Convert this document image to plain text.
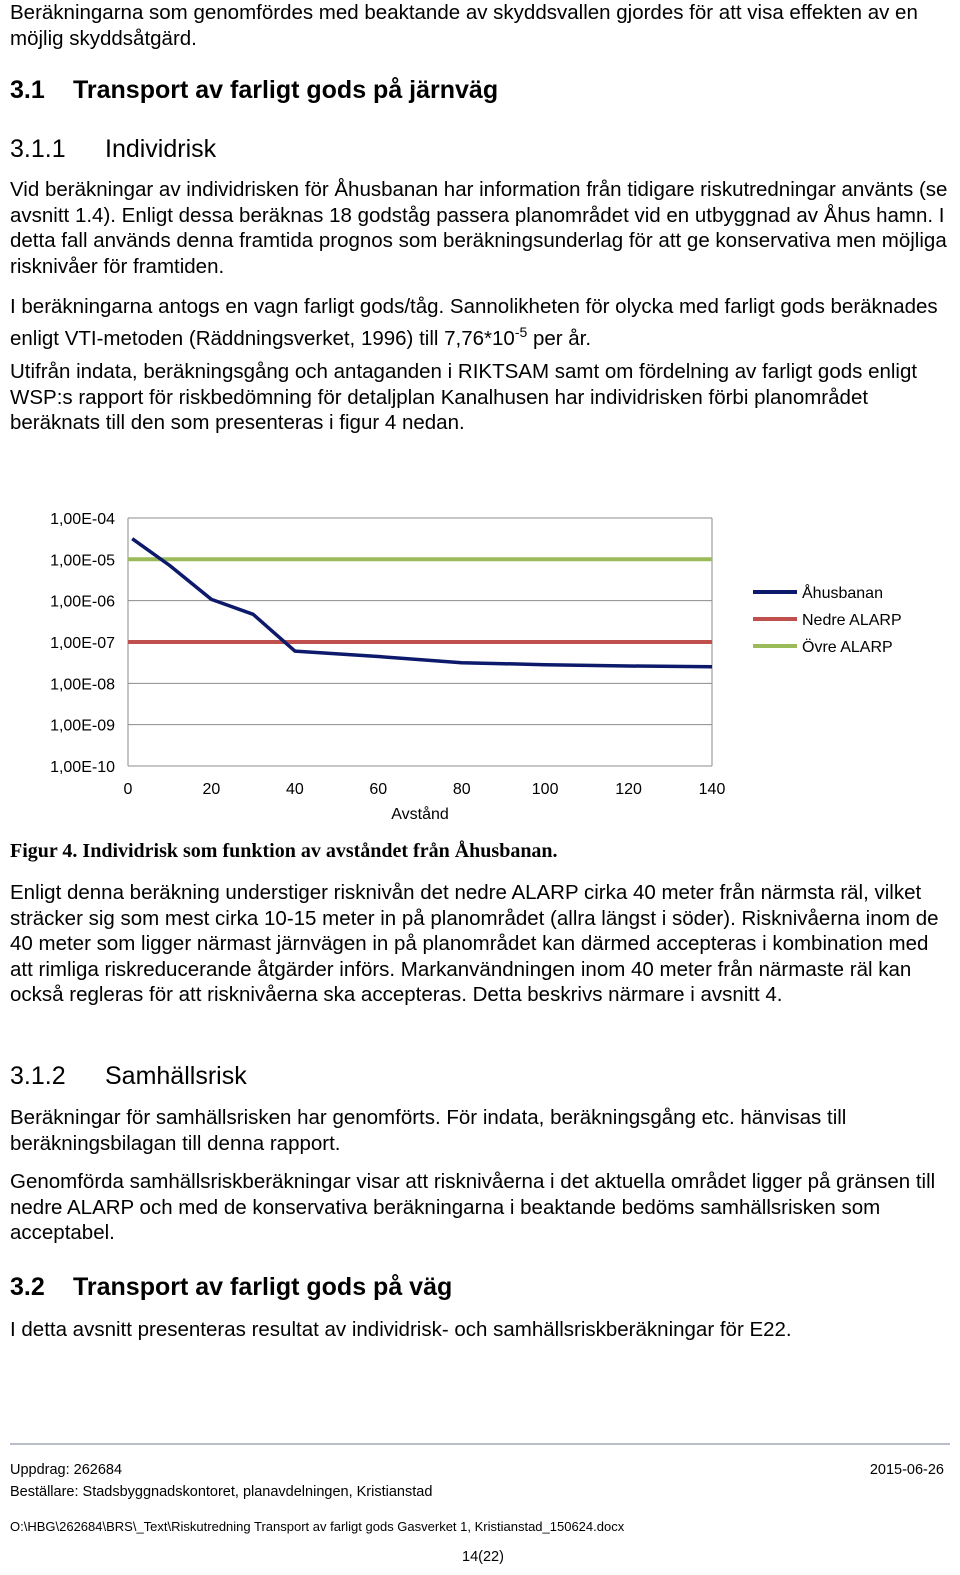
Beräkningarna som genomfördes med beaktande av skyddsvallen gjordes för att visa effekten av en möjlig skyddsåtgärd.

3.1 Transport av farligt gods på järnväg
3.1.1 Individrisk

Vid beräkningar av individrisken för Åhusbanan har information från tidigare riskutredningar använts (se avsnitt 1.4). Enligt dessa beräknas 18 godståg passera planområdet vid en utbyggnad av Åhus hamn. I detta fall används denna framtida prognos som beräkningsunderlag för att ge konservativa men möjliga risknivåer för framtiden.

I beräkningarna antogs en vagn farligt gods/tåg. Sannolikheten för olycka med farligt gods beräknades enligt VTI-metoden (Räddningsverket, 1996) till $7,76*10^{-5}$ per år.

Utifrån indata, beräkningsgång och antaganden i RIKTSAM samt om fördelning av farligt gods enligt WSP:s rapport för riskbedömning för detaljplan Kanalhusen har individrisken förbi planområdet beräknats till den som presenteras i figur 4 nedan.

1,00E-04
1,00E-05
1,00E-06
1,00E-07
1,00E-08
1,00E-09
1,00E-10
0	20	40	60	80	100	120	140
Avstånd
Åhusbanan
Nedre ALARP
Övre ALARP

Figur 4. Individrisk som funktion av avståndet från Åhusbanan.

Enligt denna beräkning understiger risknivån det nedre ALARP cirka 40 meter från närmsta räl, vilket sträcker sig som mest cirka 10-15 meter in på planområdet (allra längst i söder). Risknivåerna inom de 40 meter som ligger närmast järnvägen in på planområdet kan därmed accepteras i kombination med att rimliga riskreducerande åtgärder införs. Markanvändningen inom 40 meter från närmaste räl kan också regleras för att risknivåerna ska accepteras. Detta beskrivs närmare i avsnitt 4.

3.1.2 Samhällsrisk

Beräkningar för samhällsrisken har genomförts. För indata, beräkningsgång etc. hänvisas till beräkningsbilagan till denna rapport.

Genomförda samhällsriskberäkningar visar att risknivåerna i det aktuella området ligger på gränsen till nedre ALARP och med de konservativa beräkningarna i beaktande bedöms samhällsrisken som acceptabel.

3.2 Transport av farligt gods på väg

I detta avsnitt presenteras resultat av individrisk- och samhällsriskberäkningar för E22.

Uppdrag: 262684	2015-06-26

Beställare: Stadsbyggnadskontoret, planavdelningen, Kristianstad

O:\HBG\262684\BRS\_Text\Riskutredning Transport av farligt gods Gasverket 1, Kristianstad_150624.docx

14(22)
